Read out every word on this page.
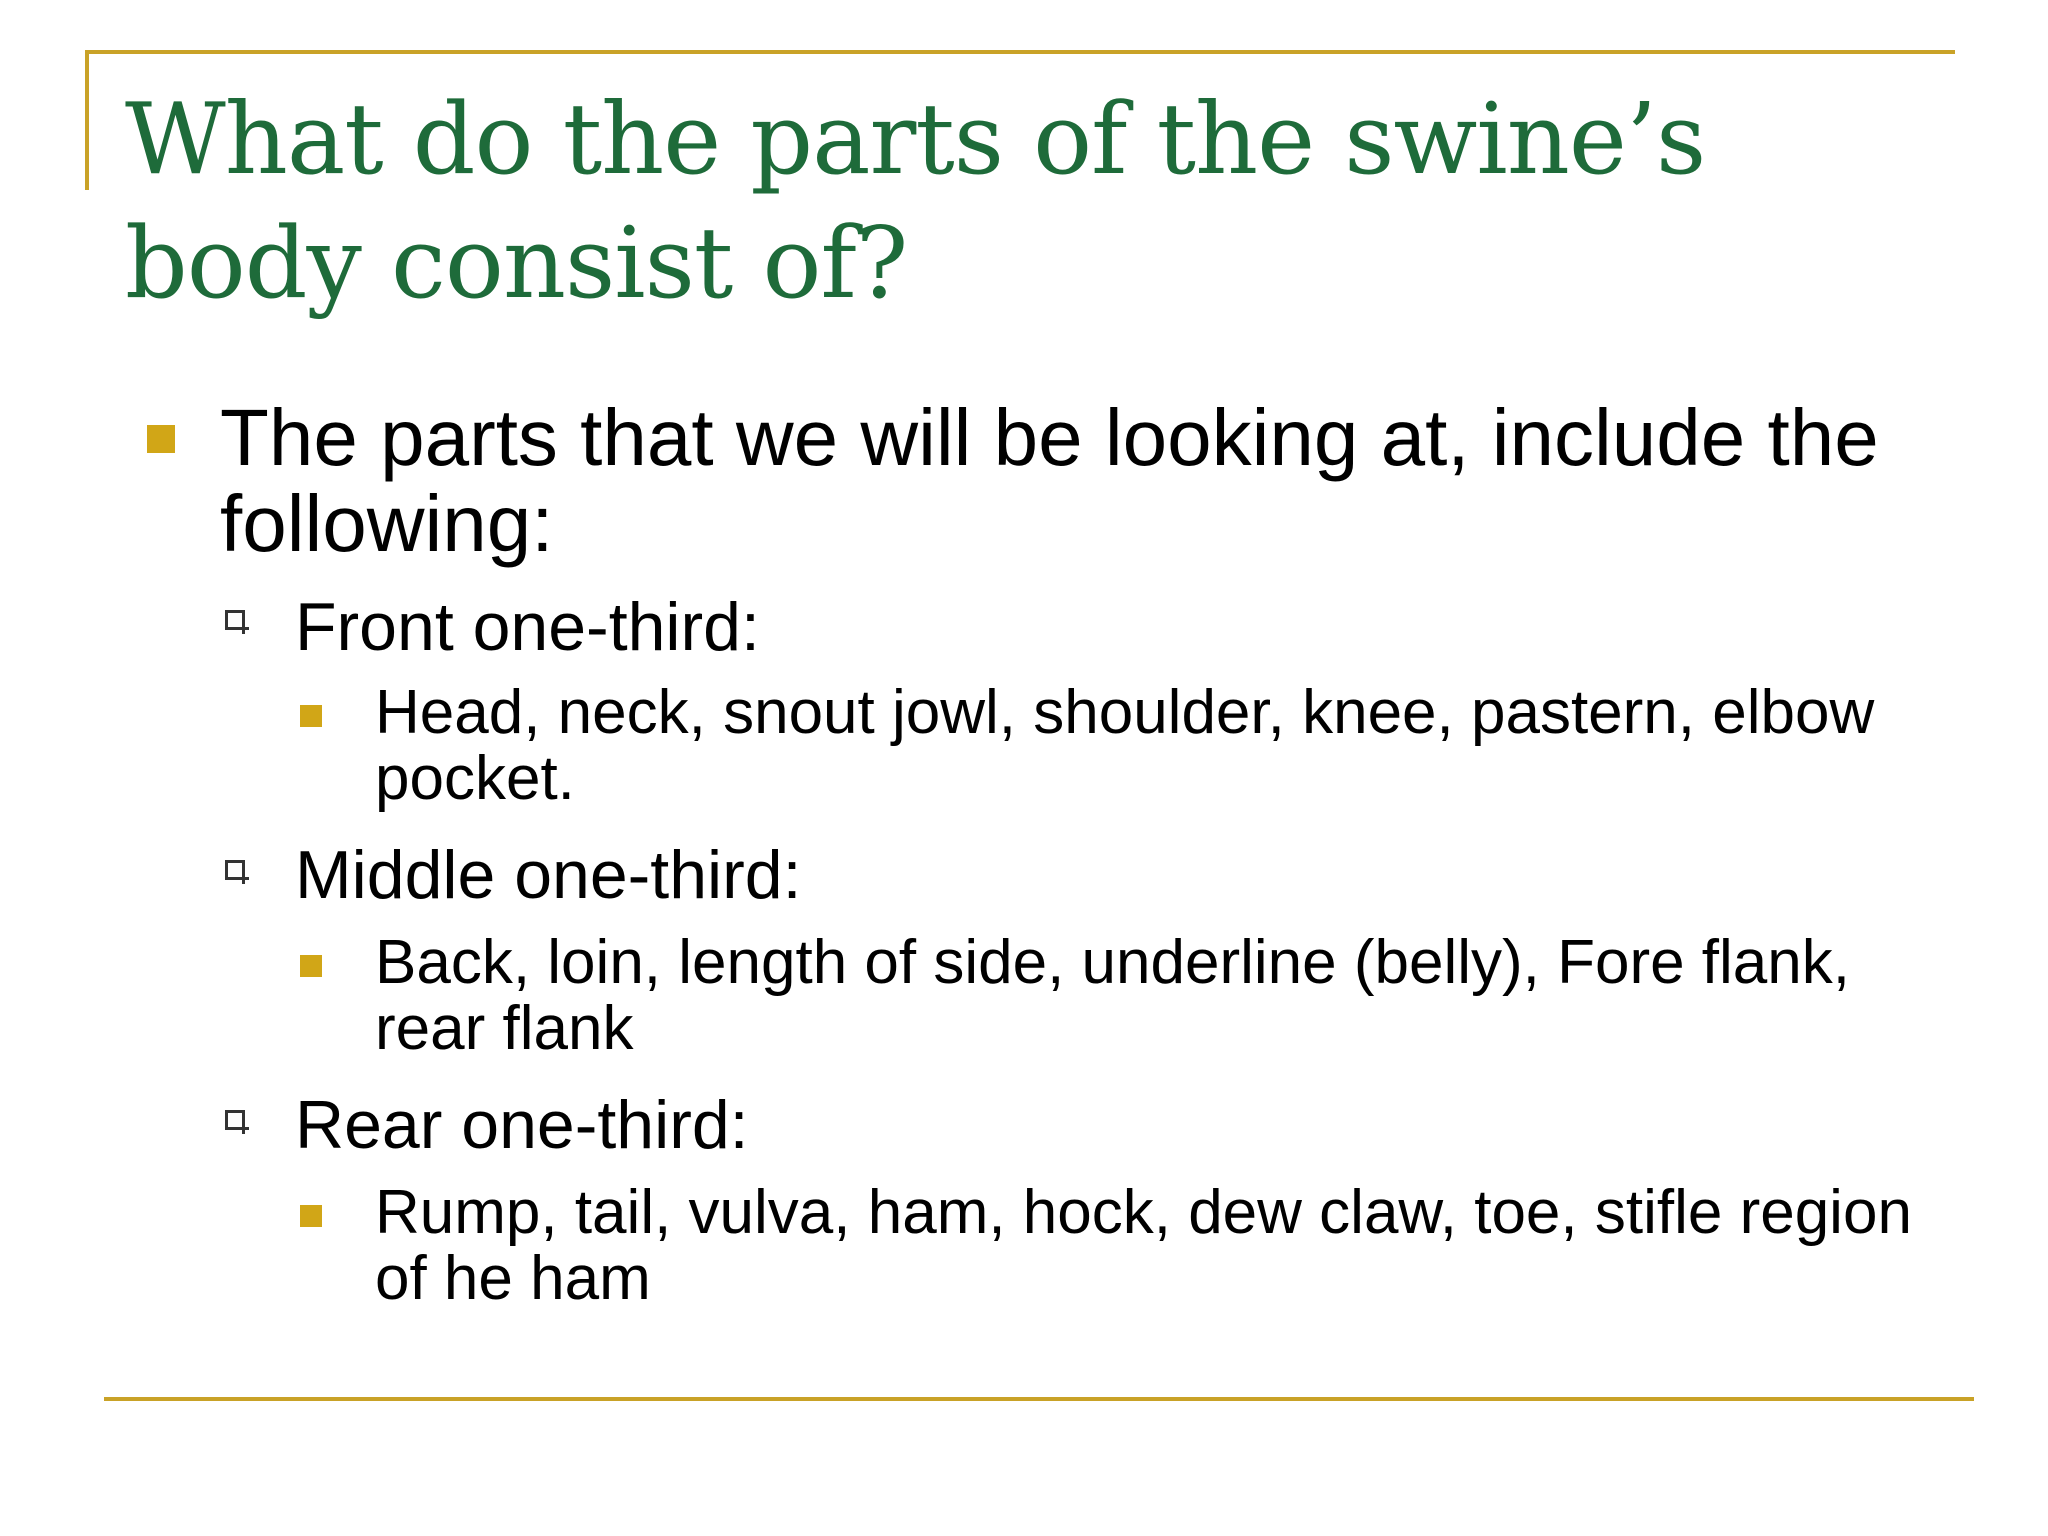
What do the parts of the swine’s body consist of?

The parts that we will be looking at, include the following:

Front one-third:

Head, neck, snout jowl, shoulder, knee, pastern, elbow pocket.

Middle one-third:

Back, loin, length of side, underline (belly), Fore flank, rear flank

Rear one-third:

Rump, tail, vulva, ham, hock, dew claw, toe, stifle region of he ham
